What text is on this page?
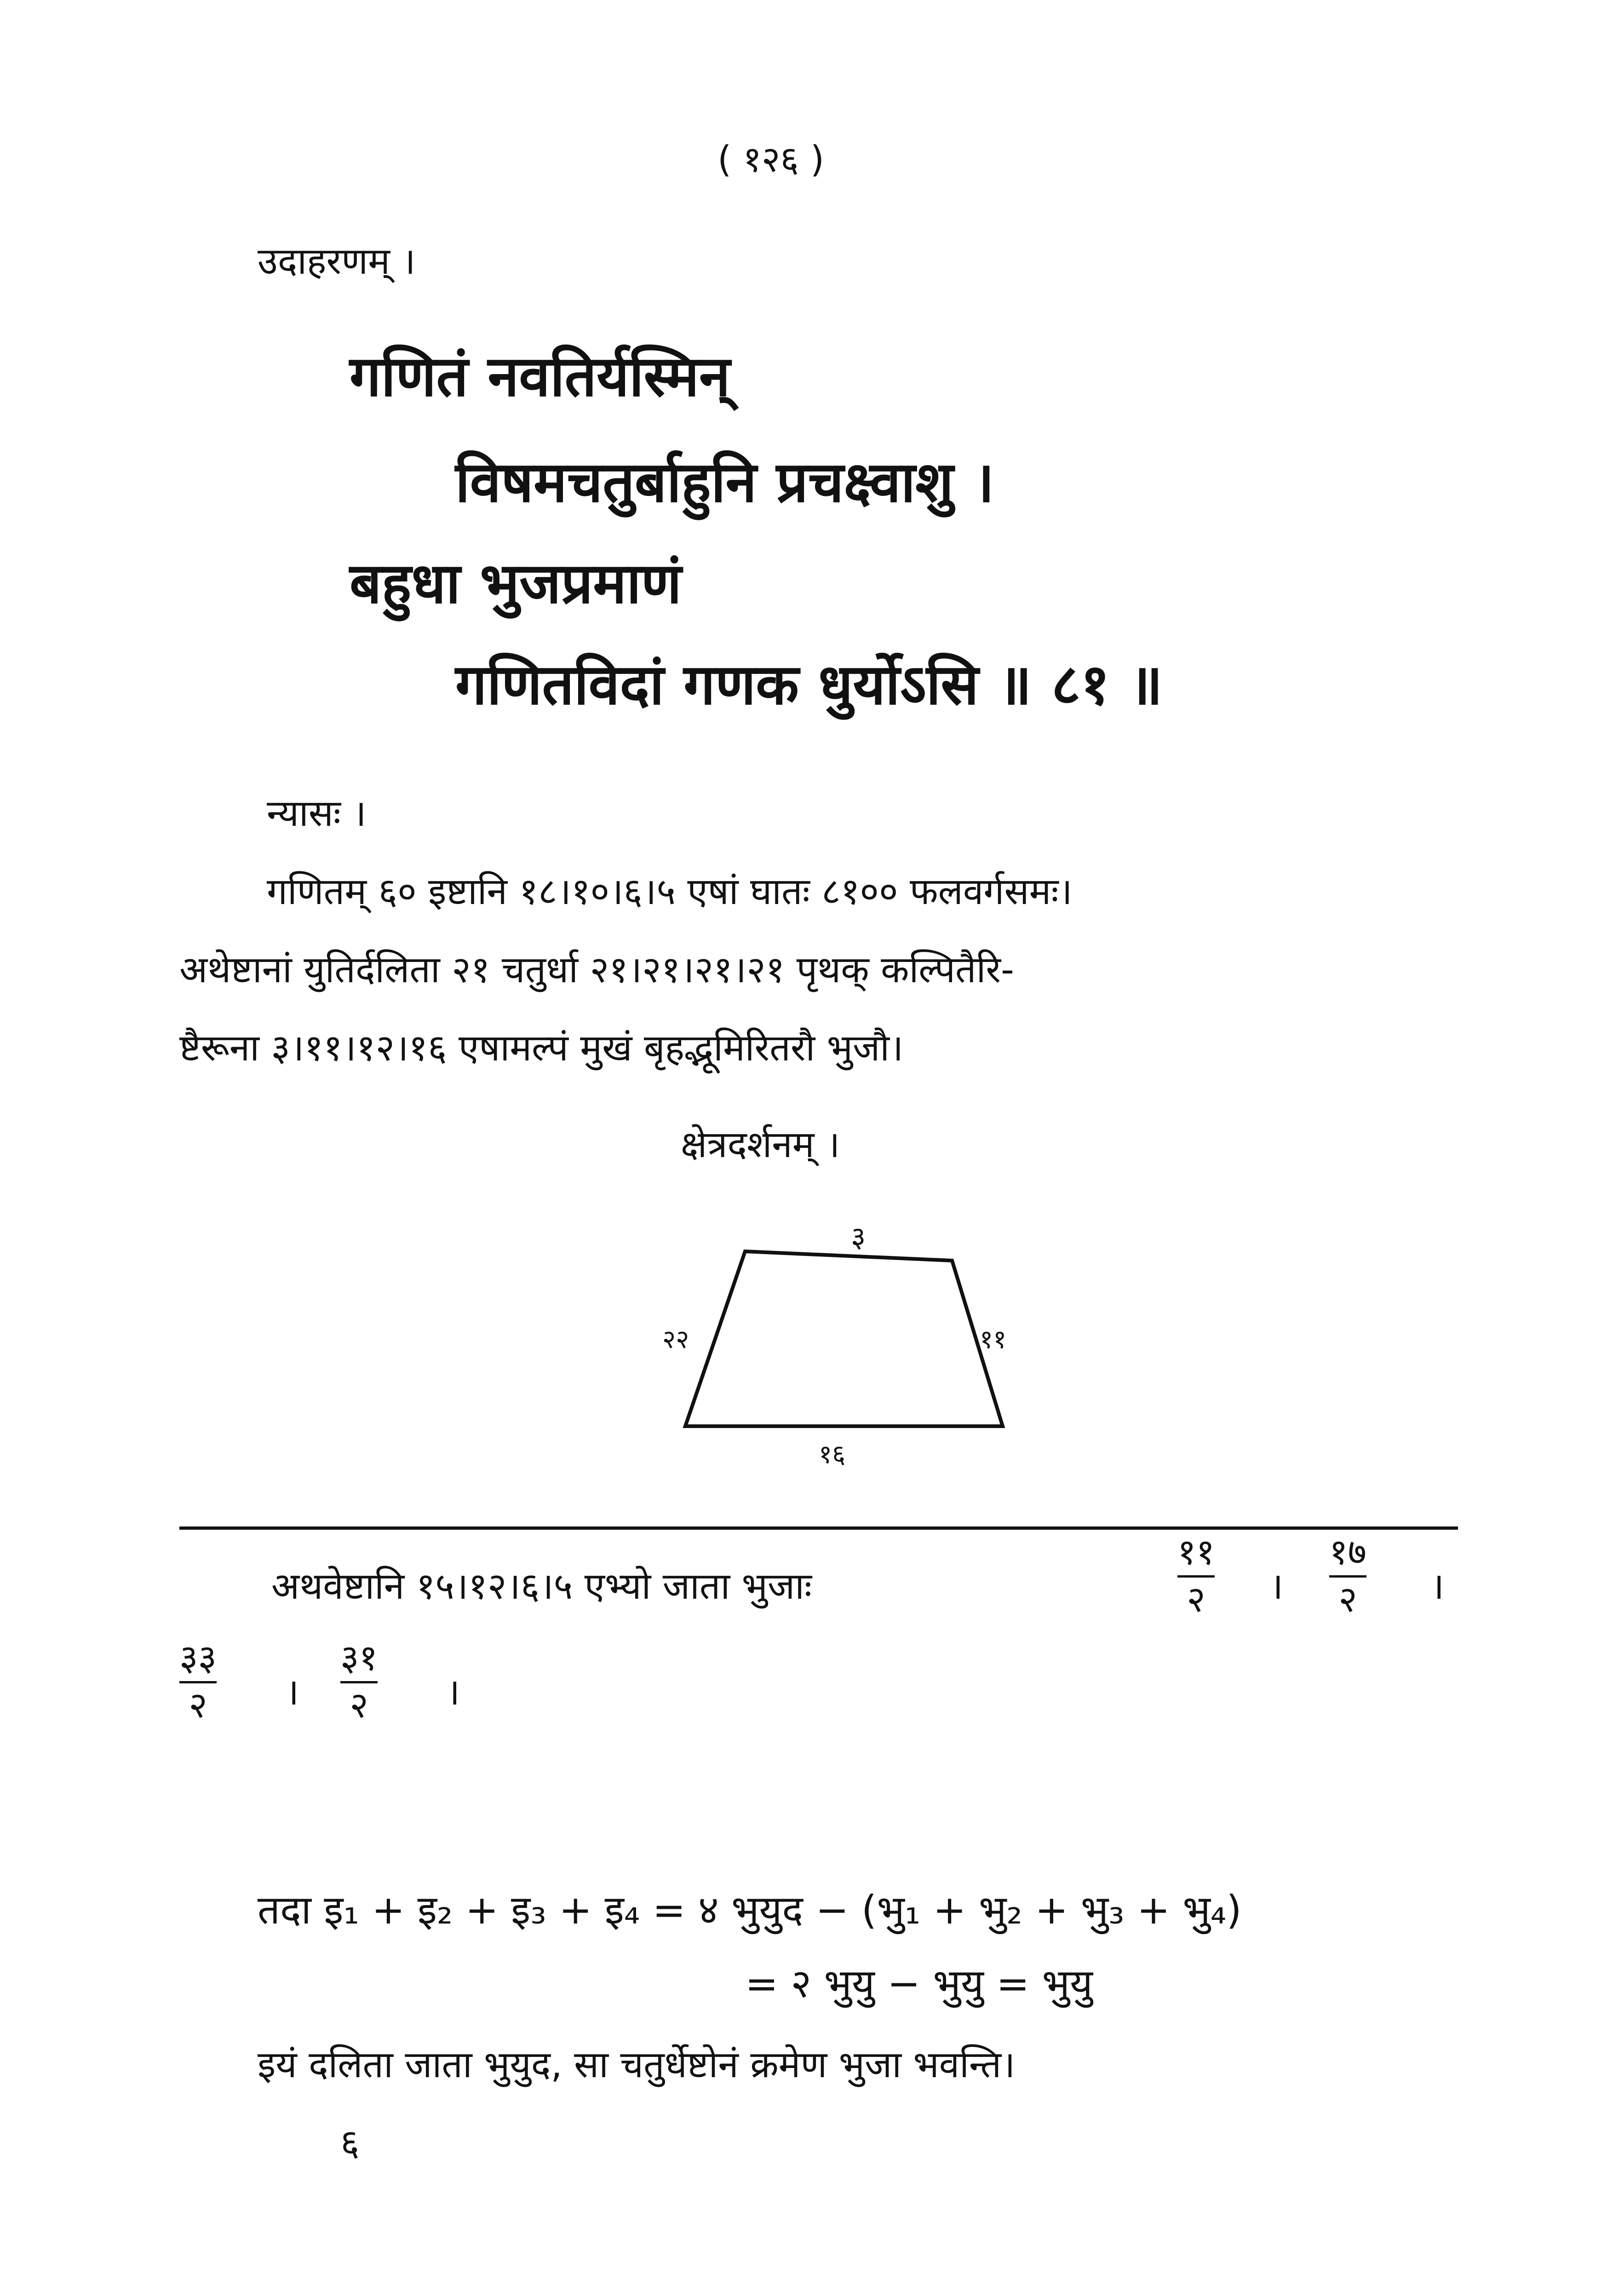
( १२६ )
उदाहरणम् ।
गणितं नवतिर्यस्मिन्
विषमचतुर्बाहुनि प्रचक्ष्वाशु ।
बहुधा भुजप्रमाणं
गणितविदां गणक धुर्योऽसि ॥ ८१ ॥
न्यासः ।
गणितम् ६० इष्टानि १८।१०।६।५ एषां घातः ८१०० फलवर्गसमः।
अथेष्टानां युतिर्दलिता २१ चतुर्धा २१।२१।२१।२१ पृथक् कल्पितैरि-
ष्टैरूना ३।११।१२।१६ एषामल्पं मुखं बृहद्भूमिरितरौ भुजौ।
क्षेत्रदर्शनम् ।
३
२२	११
१६
अथवेष्टानि १५।१२।६।५ एभ्यो जाता भुजाः
११
२ ।
१७
२ ।
३३
२ ।
३१
२ ।
तदा इ₁ + इ₂ + इ₃ + इ₄ = ४ भुयुद − (भु₁ + भु₂ + भु₃ + भु₄)
= २ भुयु − भुयु = भुयु
इयं दलिता जाता भुयुद, सा चतुर्धेष्टोनं क्रमेण भुजा भवन्ति।
६
